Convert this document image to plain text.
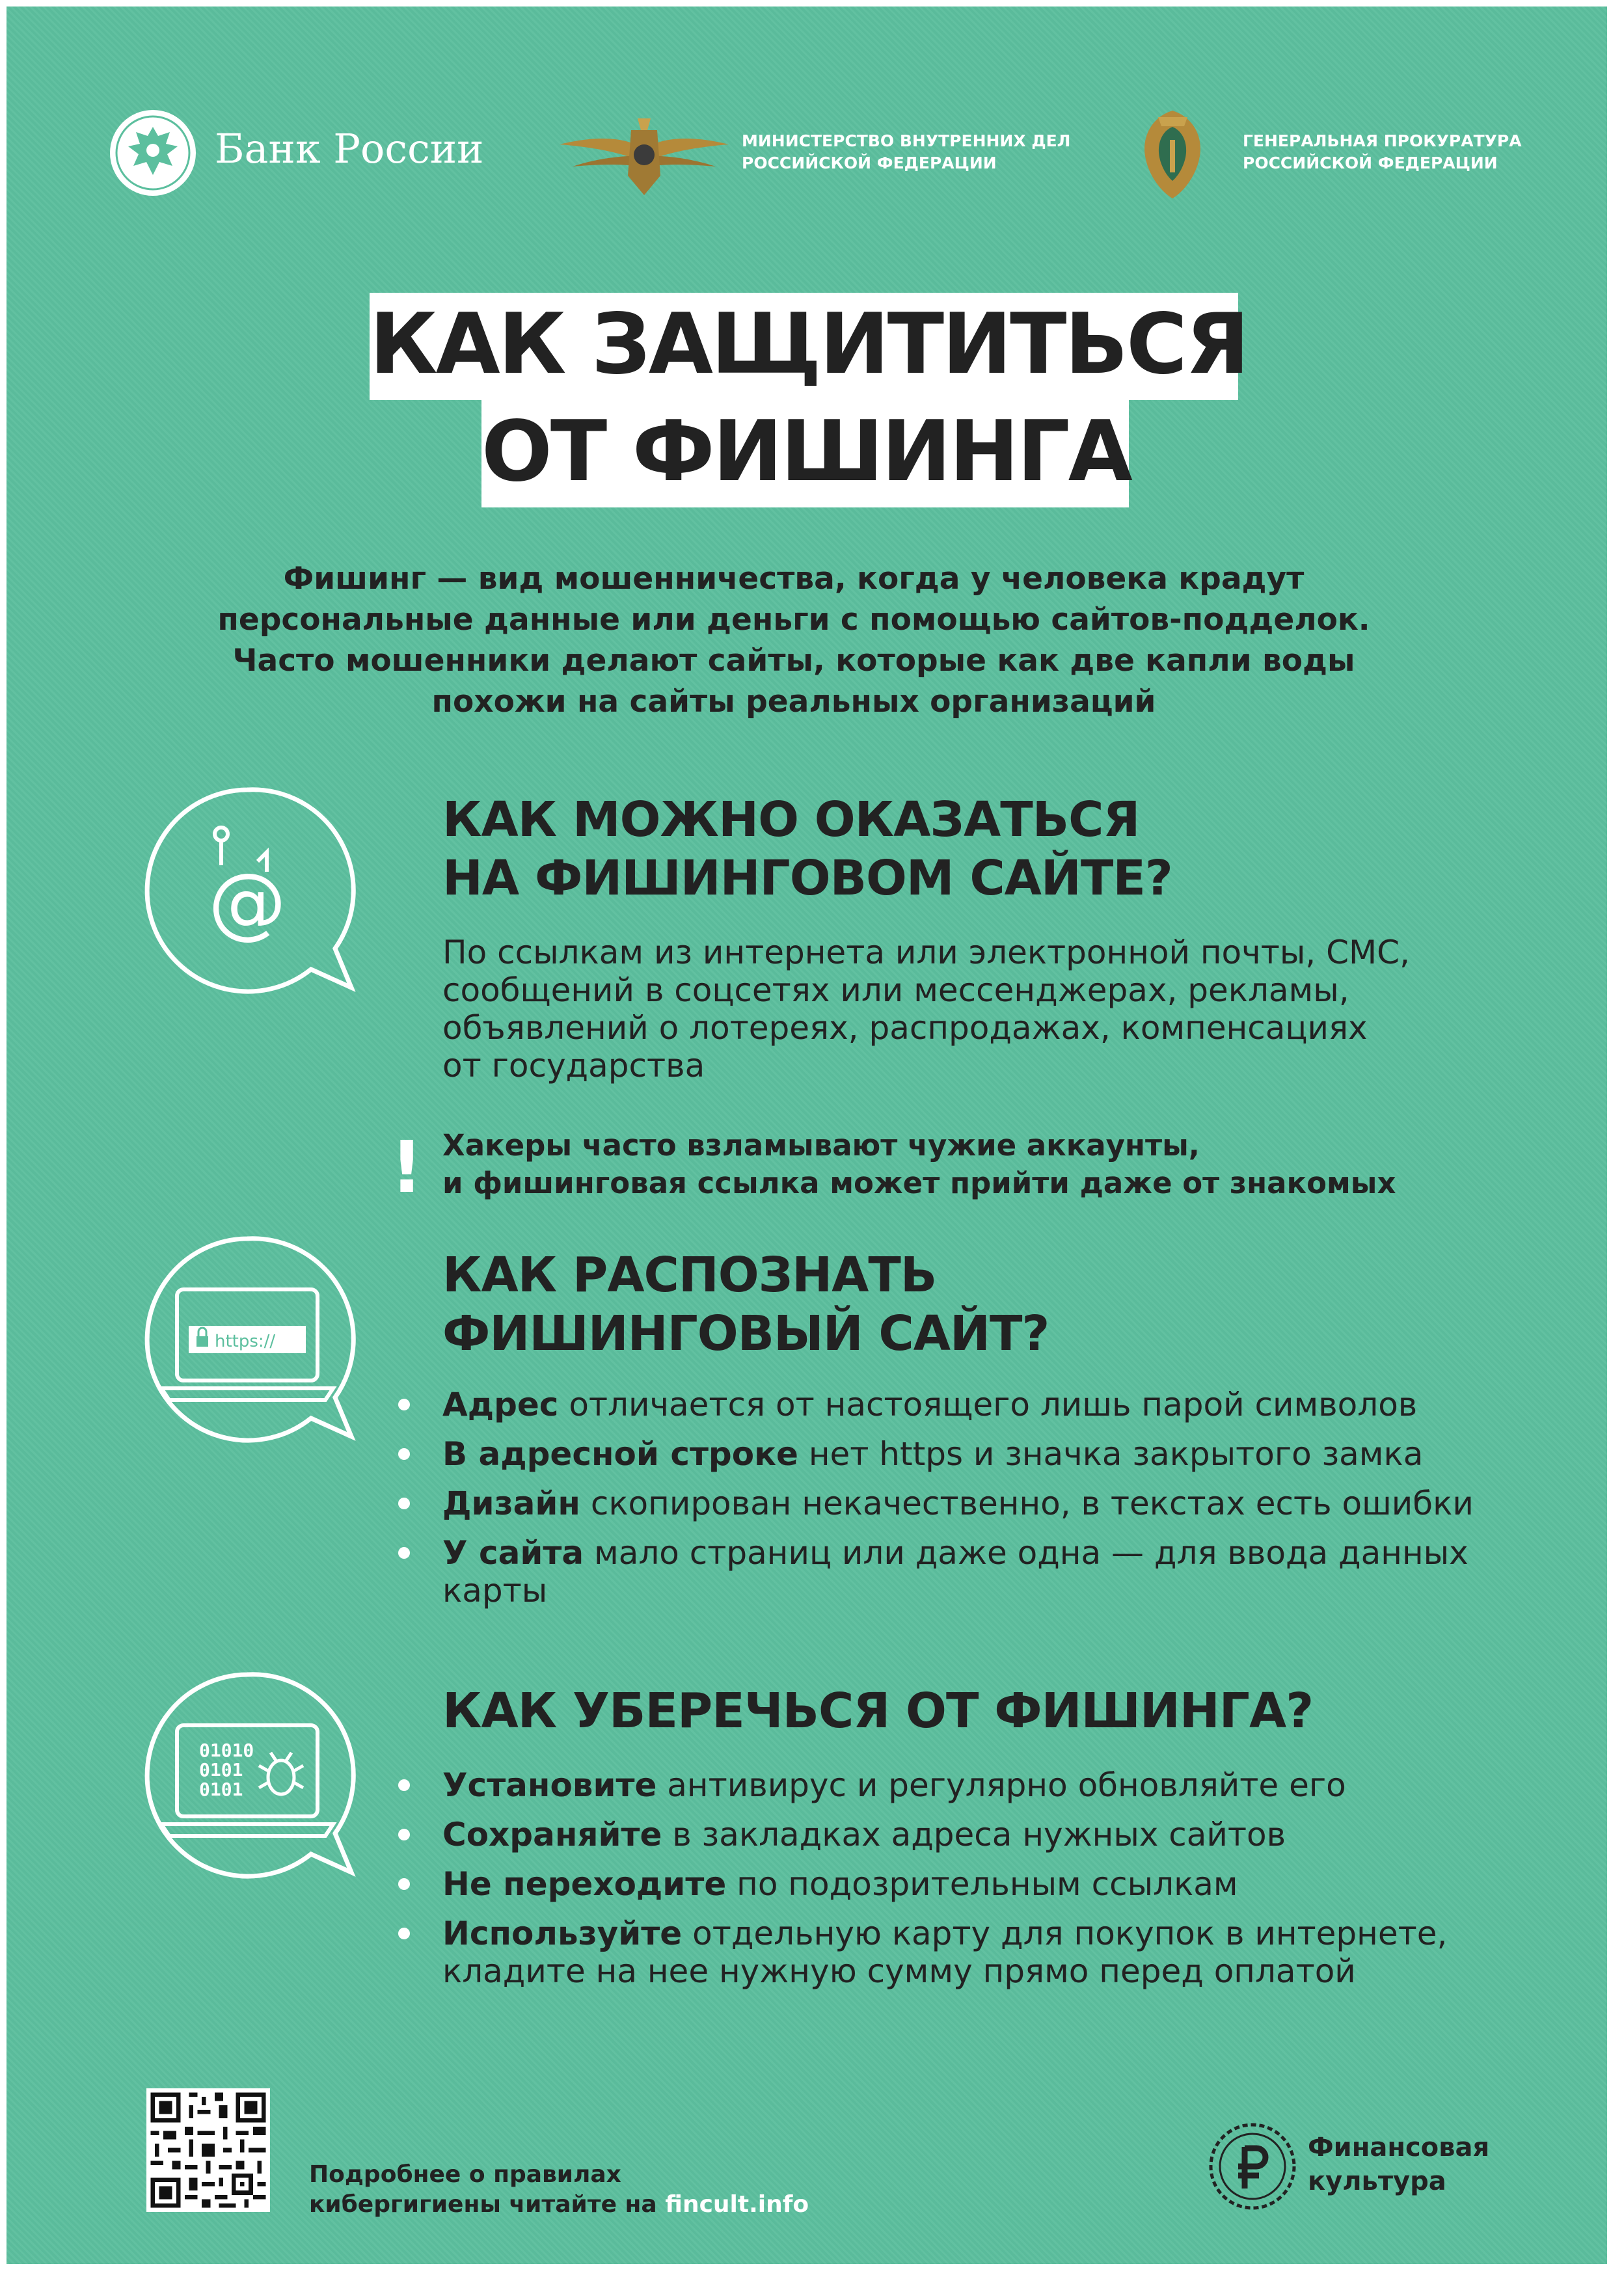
Банк России	МИНИСТЕРСТВО ВНУТРЕННИХ ДЕЛ
РОССИЙСКОЙ ФЕДЕРАЦИИ
ГЕНЕРАЛЬНАЯ ПРОКУРАТУРА
РОССИЙСКОЙ ФЕДЕРАЦИИ
КАК ЗАЩИТИТЬСЯ
ОТ ФИШИНГА
Фишинг — вид мошенничества, когда у человека крадут
персональные данные или деньги с помощью сайтов-подделок.
Часто мошенники делают сайты, которые как две капли воды
похожи на сайты реальных организаций
@
КАК МОЖНО ОКАЗАТЬСЯ
НА ФИШИНГОВОМ САЙТЕ?
По ссылкам из интернета или электронной почты, СМС,
сообщений в соцсетях или мессенджерах, рекламы,
объявлений о лотереях, распродажах, компенсациях
от государства
! Хакеры часто взламывают чужие аккаунты,
и фишинговая ссылка может прийти даже от знакомых
https://
КАК РАСПОЗНАТЬ
ФИШИНГОВЫЙ САЙТ?
Адрес отличается от настоящего лишь парой символов
В адресной строке нет https и значка закрытого замка
Дизайн скопирован некачественно, в текстах есть ошибки
У сайта мало страниц или даже одна — для ввода данных
карты
01010
0101
0101
КАК УБЕРЕЧЬСЯ ОТ ФИШИНГА?
Установите антивирус и регулярно обновляйте его
Сохраняйте в закладках адреса нужных сайтов
Не переходите по подозрительным ссылкам
Используйте отдельную карту для покупок в интернете,
кладите на нее нужную сумму прямо перед оплатой
Подробнее о правилах
кибергигиены читайте на fincult.info
Финансовая
культура
